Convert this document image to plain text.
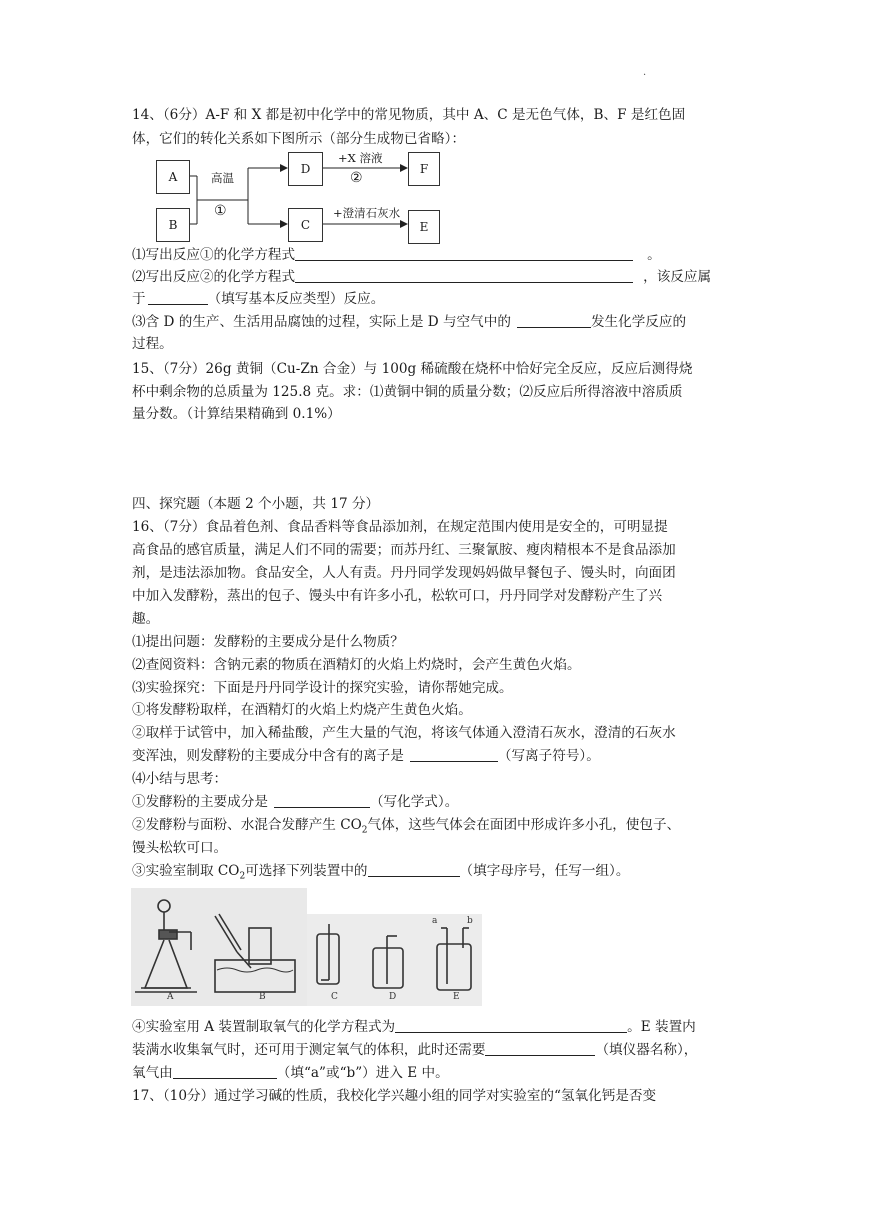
·
14、（6分）A-F 和 X 都是初中化学中的常见物质，其中 A、C 是无色气体，B、F 是红色固
体，它们的转化关系如下图所示（部分生成物已省略）：
A
B
D
C
F
E
高温
①
+X 溶液
②
+澄清石灰水
⑴写出反应①的化学方程式	。
⑵写出反应②的化学方程式	，该反应属
于	（填写基本反应类型）反应。
⑶含 D 的生产、生活用品腐蚀的过程，实际上是 D 与空气中的	发生化学反应的
过程。
15、（7分）26g 黄铜（Cu-Zn 合金）与 100g 稀硫酸在烧杯中恰好完全反应，反应后测得烧
杯中剩余物的总质量为 125.8 克。求：⑴黄铜中铜的质量分数；⑵反应后所得溶液中溶质质
量分数。（计算结果精确到 0.1%）
四、探究题（本题 2 个小题，共 17 分）
16、（7分）食品着色剂、食品香料等食品添加剂，在规定范围内使用是安全的，可明显提
高食品的感官质量，满足人们不同的需要；而苏丹红、三聚氰胺、瘦肉精根本不是食品添加
剂，是违法添加物。食品安全，人人有责。丹丹同学发现妈妈做早餐包子、馒头时，向面团
中加入发酵粉，蒸出的包子、馒头中有许多小孔，松软可口，丹丹同学对发酵粉产生了兴
趣。
⑴提出问题：发酵粉的主要成分是什么物质？
⑵查阅资料：含钠元素的物质在酒精灯的火焰上灼烧时，会产生黄色火焰。
⑶实验探究：下面是丹丹同学设计的探究实验，请你帮她完成。
①将发酵粉取样，在酒精灯的火焰上灼烧产生黄色火焰。
②取样于试管中，加入稀盐酸，产生大量的气泡，将该气体通入澄清石灰水，澄清的石灰水
变浑浊，则发酵粉的主要成分中含有的离子是	（写离子符号）。
⑷小结与思考：
①发酵粉的主要成分是	（写化学式）。
②发酵粉与面粉、水混合发酵产生 $CO_2$气体，这些气体会在面团中形成许多小孔，使包子、
馒头松软可口。
③实验室制取 $CO_2$可选择下列装置中的	（填字母序号，任写一组）。
A	B	C	D	E
a	b
④实验室用 A 装置制取氧气的化学方程式为	。E 装置内
装满水收集氧气时，还可用于测定氧气的体积，此时还需要	（填仪器名称），
氧气由	（填“a”或“b”）进入 E 中。
17、（10分）通过学习碱的性质，我校化学兴趣小组的同学对实验室的“氢氧化钙是否变
